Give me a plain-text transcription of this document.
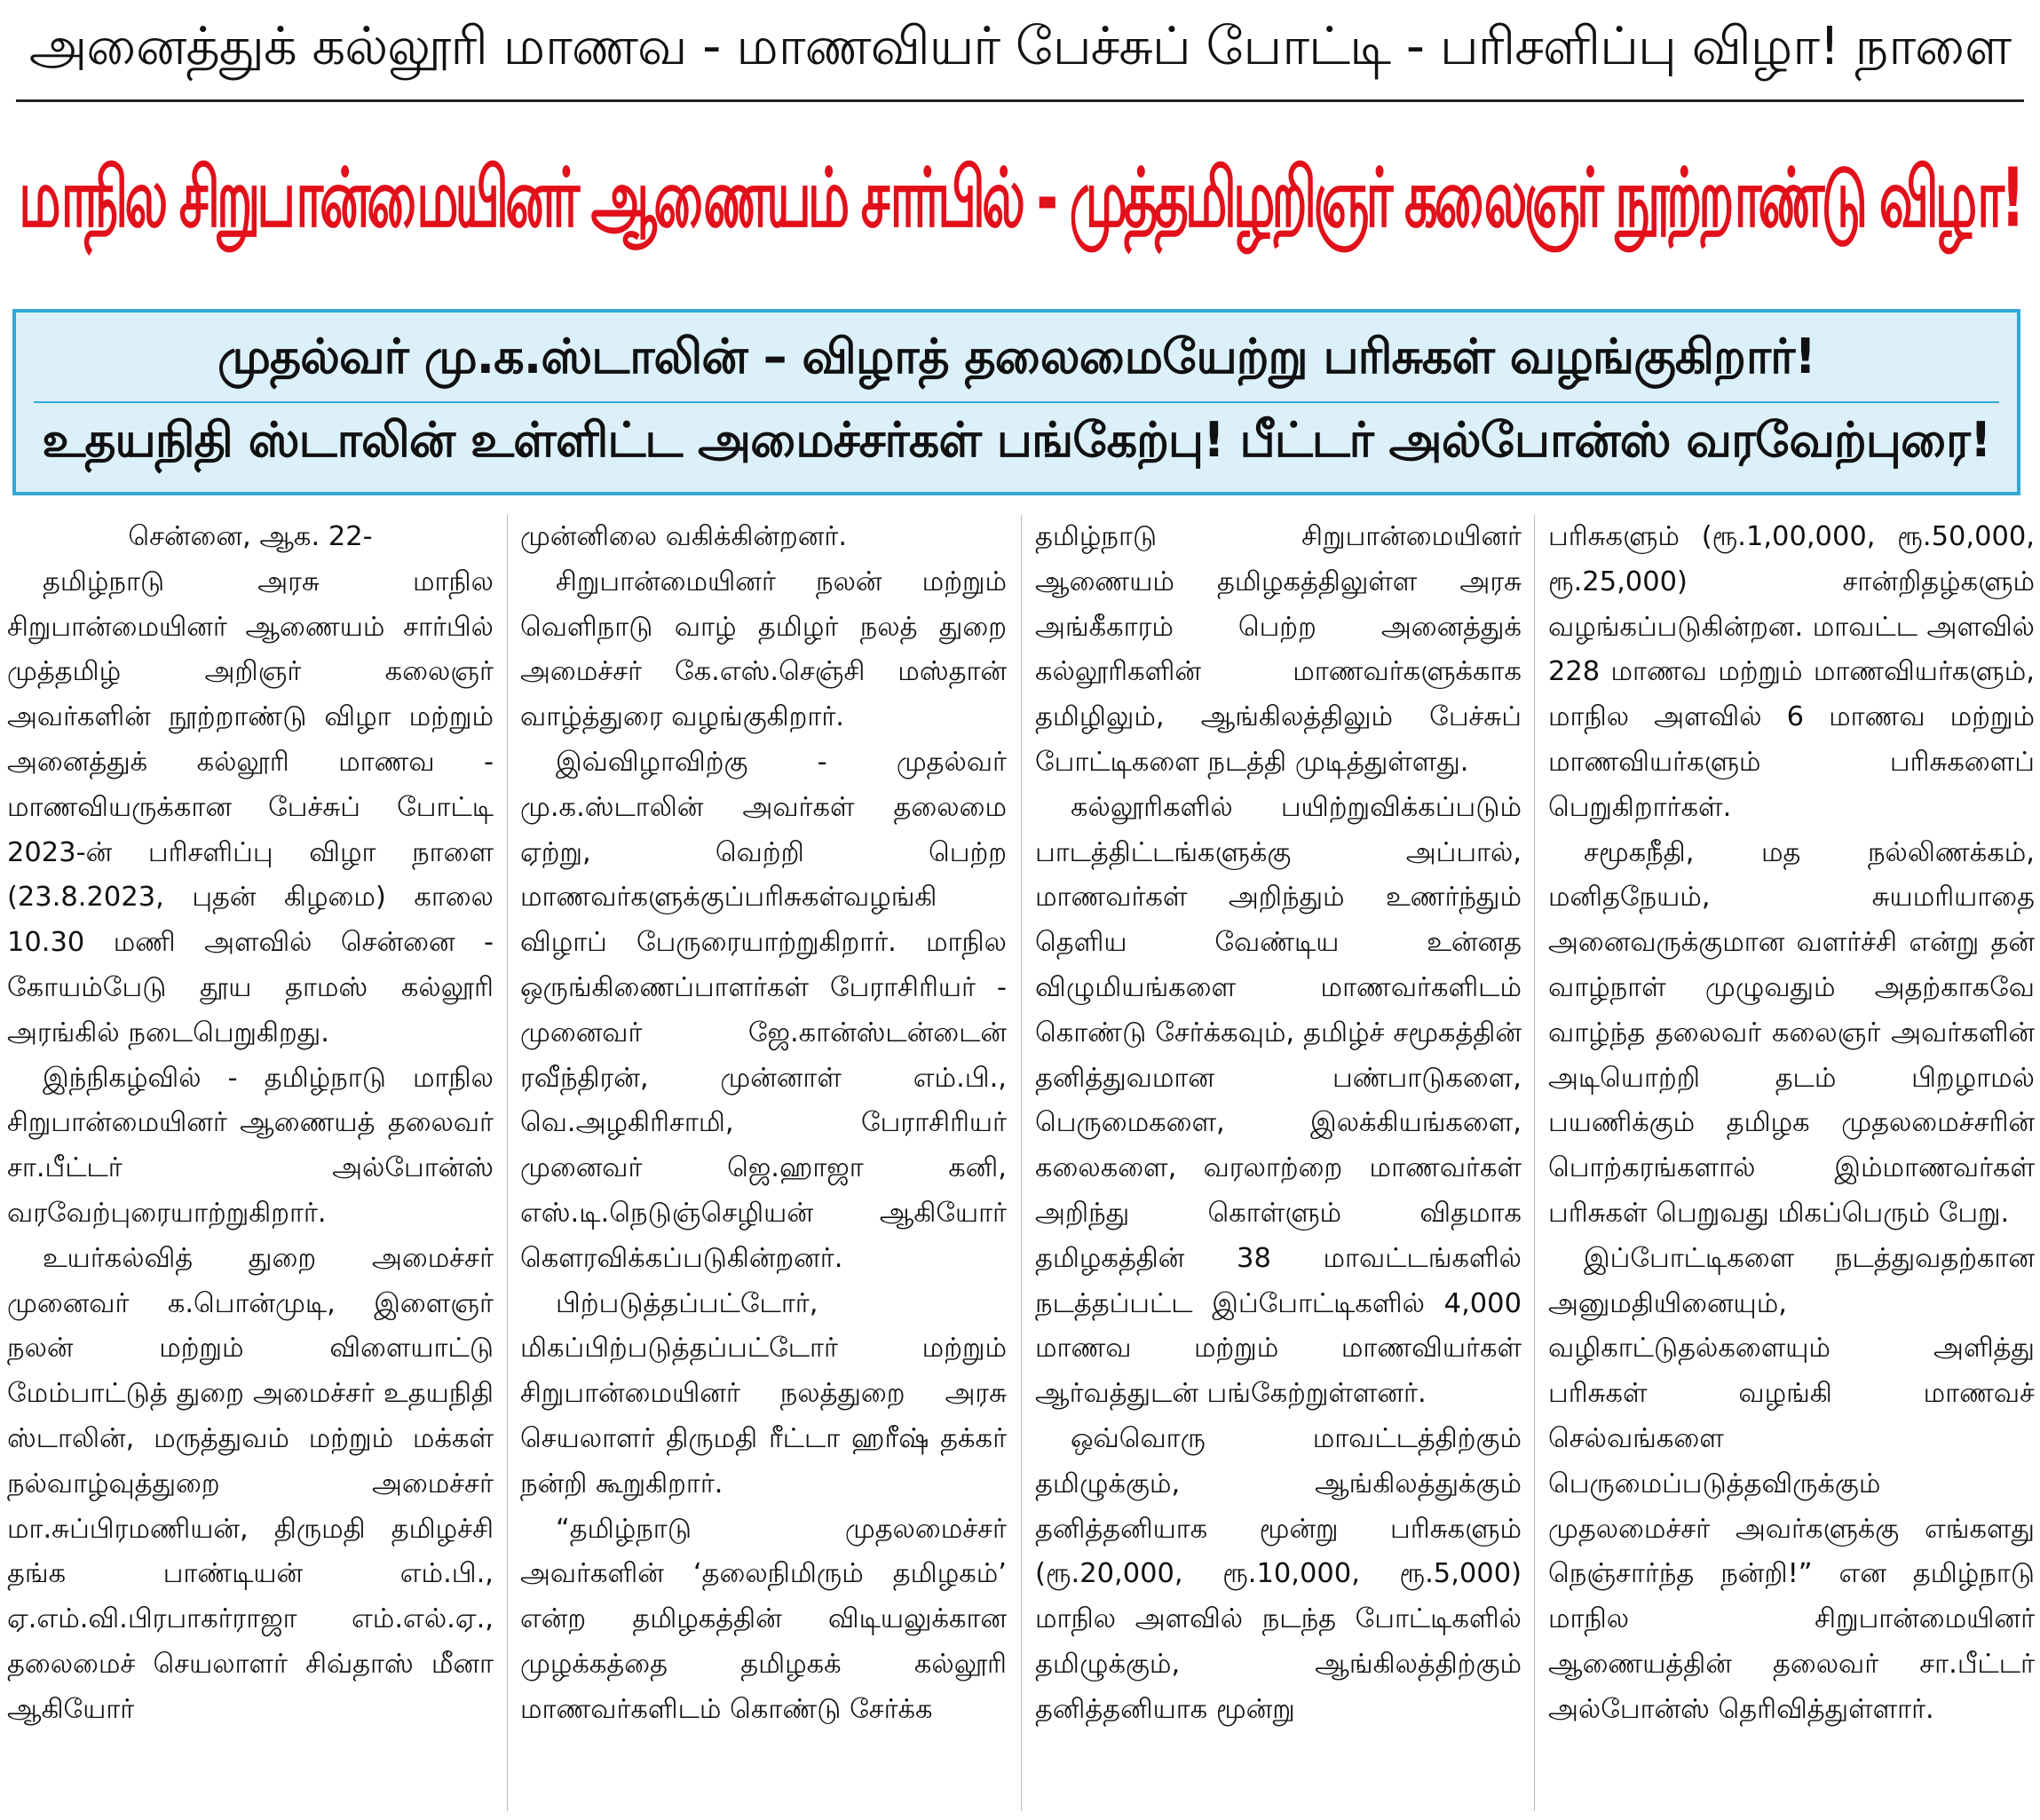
அனைத்துக் கல்லூரி மாணவ - மாணவியர் பேச்சுப் போட்டி - பரிசளிப்பு விழா! நாளை
மாநில சிறுபான்மையினர் ஆணையம் சார்பில் - முத்தமிழறிஞர் கலைஞர் நூற்றாண்டு விழா!
முதல்வர் மு.க.ஸ்டாலின் – விழாத் தலைமையேற்று பரிசுகள் வழங்குகிறார்!
உதயநிதி ஸ்டாலின் உள்ளிட்ட அமைச்சர்கள் பங்கேற்பு! பீட்டர் அல்போன்ஸ் வரவேற்புரை!

சென்னை, ஆக. 22-

தமிழ்நாடு அரசு மாநில சிறுபான்மையினர் ஆணையம் சார்பில் முத்தமிழ் அறிஞர் கலைஞர் அவர்களின் நூற்றாண்டு விழா மற்றும் அனைத்துக் கல்லூரி மாணவ - மாணவியருக்கான பேச்சுப் போட்டி 2023-ன் பரிசளிப்பு விழா நாளை (23.8.2023, புதன் கிழமை) காலை 10.30 மணி அளவில் சென்னை - கோயம்பேடு தூய தாமஸ் கல்லூரி அரங்கில் நடைபெறுகிறது.

இந்நிகழ்வில் - தமிழ்நாடு மாநில சிறுபான்மையினர் ஆணையத் தலைவர் சா.பீட்டர் அல்போன்ஸ் வரவேற்புரையாற்றுகிறார்.

உயர்கல்வித் துறை அமைச்சர் முனைவர் க.பொன்முடி, இளைஞர் நலன் மற்றும் விளையாட்டு மேம்பாட்டுத் துறை அமைச்சர் உதயநிதி ஸ்டாலின், மருத்துவம் மற்றும் மக்கள் நல்வாழ்வுத்துறை அமைச்சர் மா.சுப்பிரமணியன், திருமதி தமிழச்சி தங்க பாண்டியன் எம்.பி., ஏ.எம்.வி.பிரபாகர்ராஜா எம்.எல்.ஏ., தலைமைச் செயலாளர் சிவ்தாஸ் மீனா ஆகியோர்

முன்னிலை வகிக்கின்றனர்.

சிறுபான்மையினர் நலன் மற்றும் வெளிநாடு வாழ் தமிழர் நலத் துறை அமைச்சர் கே.எஸ்.செஞ்சி மஸ்தான் வாழ்த்துரை வழங்குகிறார்.

இவ்விழாவிற்கு - முதல்வர் மு.க.ஸ்டாலின் அவர்கள் தலைமை ஏற்று, வெற்றி பெற்ற மாணவர்களுக்குப்பரிசுகள்வழங்கி விழாப் பேருரையாற்றுகிறார். மாநில ஒருங்கிணைப்பாளர்கள் பேராசிரியர் - முனைவர் ஜே.கான்ஸ்டன்டைன் ரவீந்திரன், முன்னாள் எம்.பி., வெ.அழகிரிசாமி, பேராசிரியர் முனைவர் ஜெ.ஹாஜா கனி, எஸ்.டி.நெடுஞ்செழியன் ஆகியோர் கௌரவிக்கப்படுகின்றனர்.

பிற்படுத்தப்பட்டோர், மிகப்பிற்படுத்தப்பட்டோர் மற்றும் சிறுபான்மையினர் நலத்துறை அரசு செயலாளர் திருமதி ரீட்டா ஹரீஷ் தக்கர் நன்றி கூறுகிறார்.

“தமிழ்நாடு முதலமைச்சர் அவர்களின் ‘தலைநிமிரும் தமிழகம்’ என்ற தமிழகத்தின் விடியலுக்கான முழக்கத்தை தமிழகக் கல்லூரி மாணவர்களிடம் கொண்டு சேர்க்க

தமிழ்நாடு சிறுபான்மையினர் ஆணையம் தமிழகத்திலுள்ள அரசு அங்கீகாரம் பெற்ற அனைத்துக் கல்லூரிகளின் மாணவர்களுக்காக தமிழிலும், ஆங்கிலத்திலும் பேச்சுப் போட்டிகளை நடத்தி முடித்துள்ளது.

கல்லூரிகளில் பயிற்றுவிக்கப்படும் பாடத்திட்டங்களுக்கு அப்பால், மாணவர்கள் அறிந்தும் உணர்ந்தும் தெளிய வேண்டிய உன்னத விழுமியங்களை மாணவர்களிடம் கொண்டு சேர்க்கவும், தமிழ்ச் சமூகத்தின் தனித்துவமான பண்பாடுகளை, பெருமைகளை, இலக்கியங்களை, கலைகளை, வரலாற்றை மாணவர்கள் அறிந்து கொள்ளும் விதமாக தமிழகத்தின் 38 மாவட்டங்களில் நடத்தப்பட்ட இப்போட்டிகளில் 4,000 மாணவ மற்றும் மாணவியர்கள் ஆர்வத்துடன் பங்கேற்றுள்ளனர்.

ஒவ்வொரு மாவட்டத்திற்கும் தமிழுக்கும், ஆங்கிலத்துக்கும் தனித்தனியாக மூன்று பரிசுகளும் (ரூ.20,000, ரூ.10,000, ரூ.5,000) மாநில அளவில் நடந்த போட்டிகளில் தமிழுக்கும், ஆங்கிலத்திற்கும் தனித்தனியாக மூன்று

பரிசுகளும் (ரூ.1,00,000, ரூ.50,000, ரூ.25,000) சான்றிதழ்களும் வழங்கப்படுகின்றன. மாவட்ட அளவில் 228 மாணவ மற்றும் மாணவியர்களும், மாநில அளவில் 6 மாணவ மற்றும் மாணவியர்களும் பரிசுகளைப் பெறுகிறார்கள்.

சமூகநீதி, மத நல்லிணக்கம், மனிதநேயம், சுயமரியாதை அனைவருக்குமான வளர்ச்சி என்று தன் வாழ்நாள் முழுவதும் அதற்காகவே வாழ்ந்த தலைவர் கலைஞர் அவர்களின் அடியொற்றி தடம் பிறழாமல் பயணிக்கும் தமிழக முதலமைச்சரின் பொற்கரங்களால் இம்மாணவர்கள் பரிசுகள் பெறுவது மிகப்பெரும் பேறு.

இப்போட்டிகளை நடத்துவதற்கான அனுமதியினையும், வழிகாட்டுதல்களையும் அளித்து பரிசுகள் வழங்கி மாணவச் செல்வங்களை பெருமைப்படுத்தவிருக்கும் முதலமைச்சர் அவர்களுக்கு எங்களது நெஞ்சார்ந்த நன்றி!” என தமிழ்நாடு மாநில சிறுபான்மையினர் ஆணையத்தின் தலைவர் சா.பீட்டர் அல்போன்ஸ் தெரிவித்துள்ளார்.
